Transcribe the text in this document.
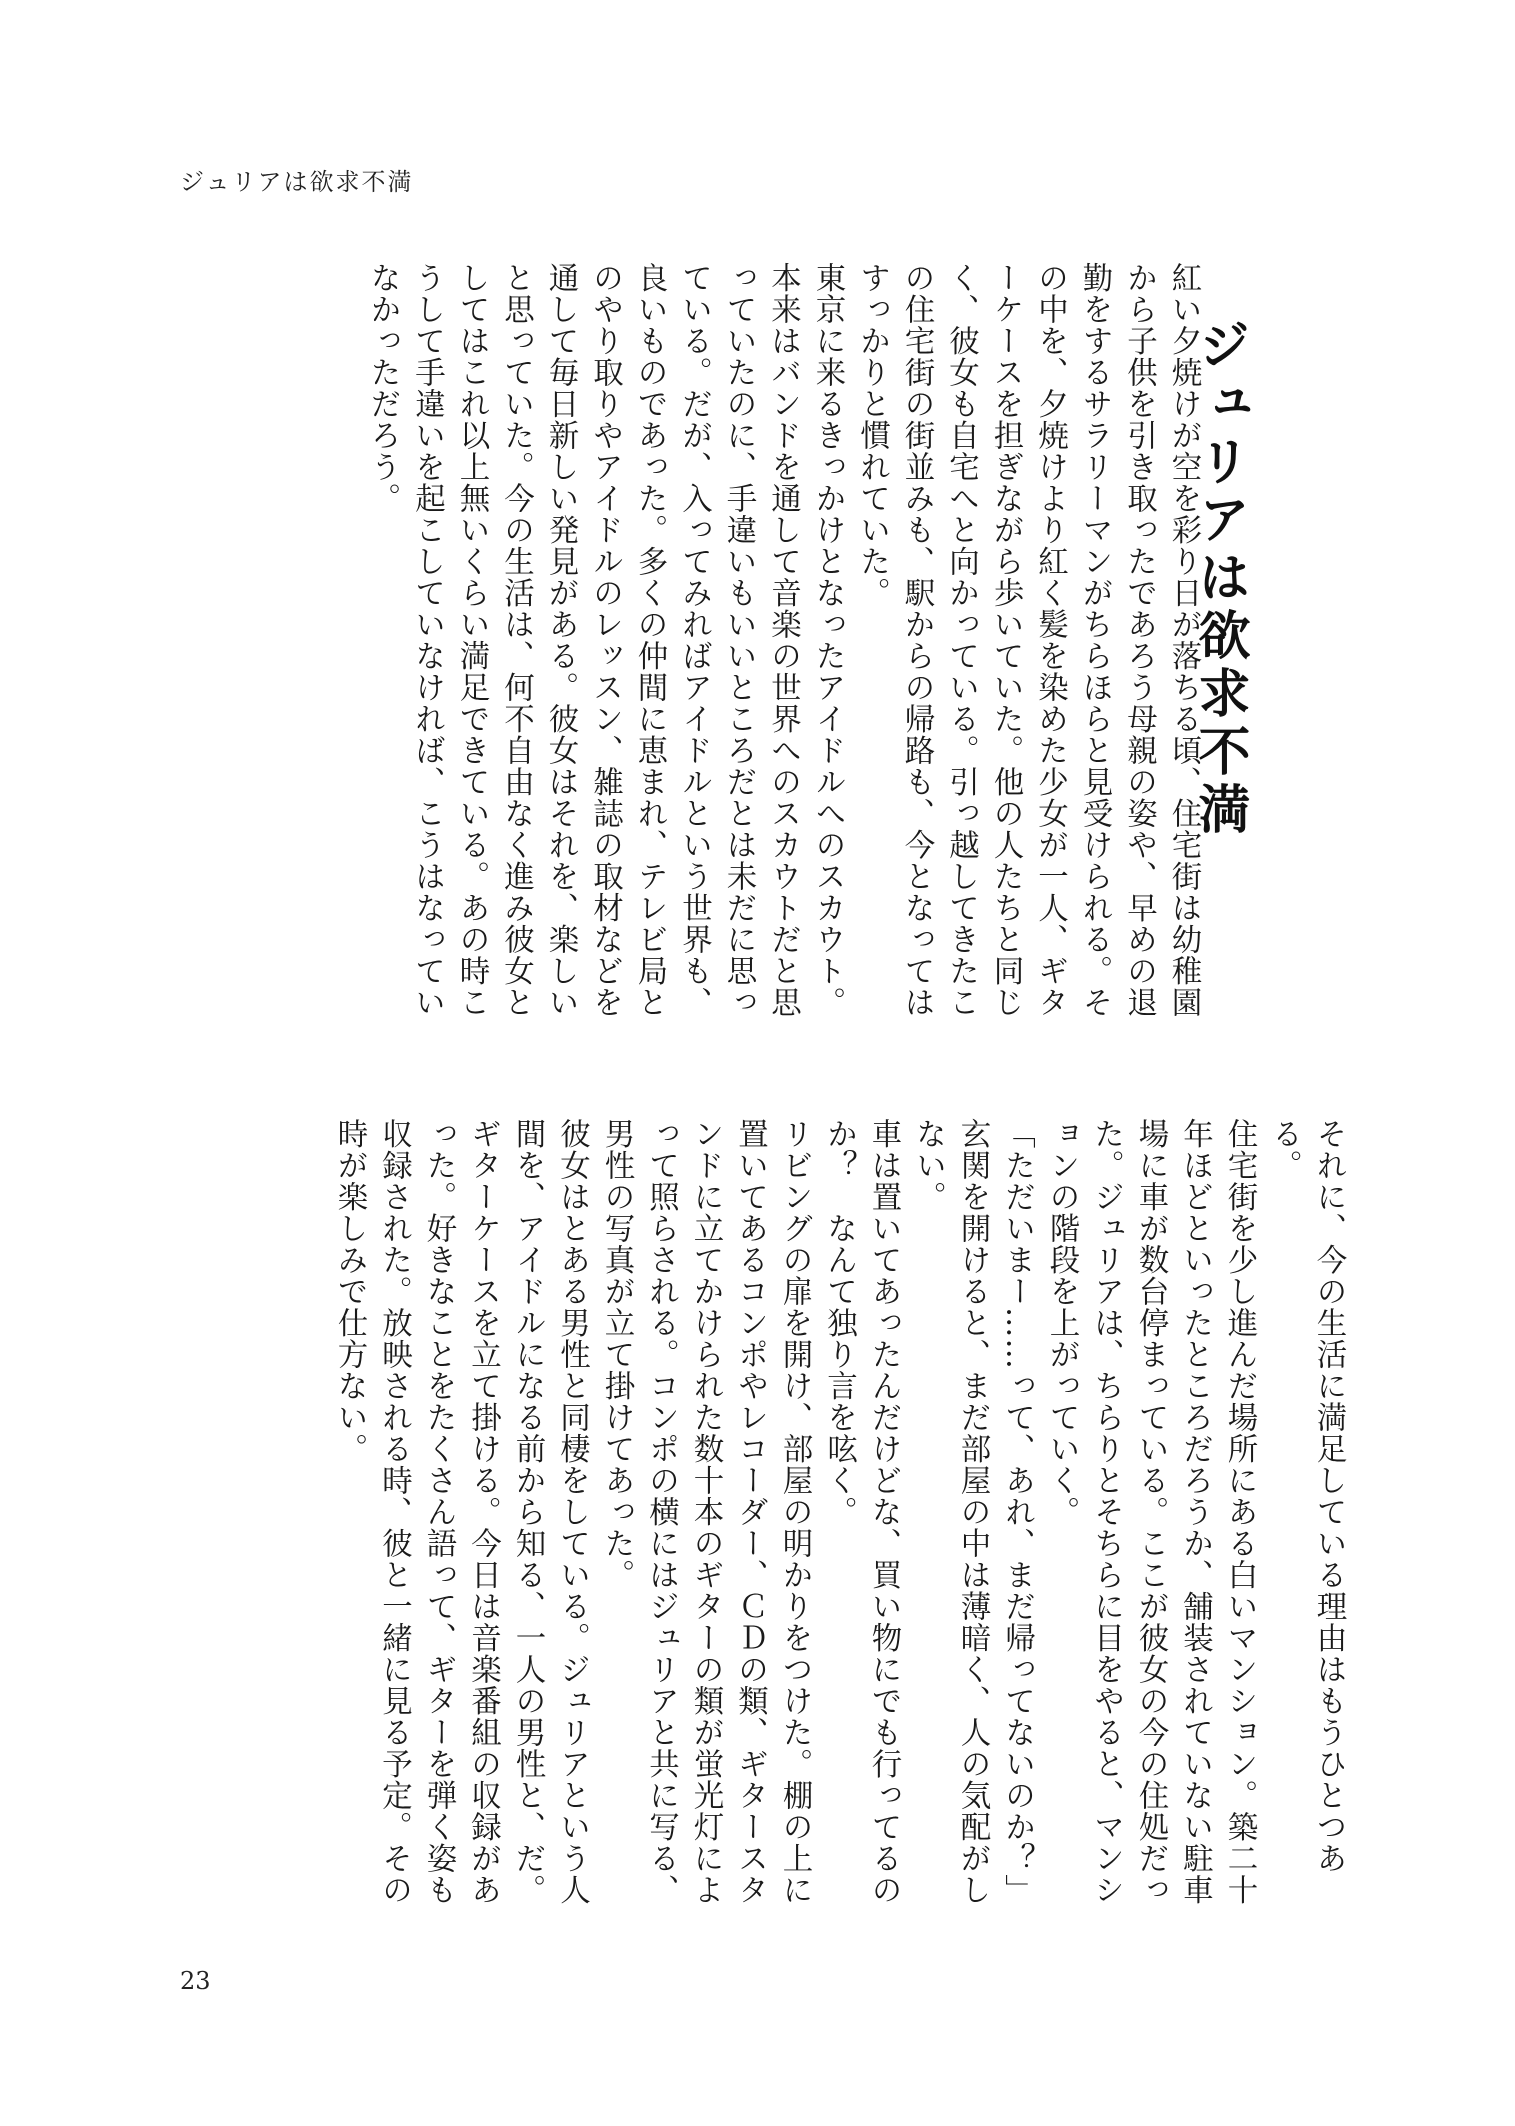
ジュリアは欲求不満
ジュリアは欲求不満

紅い夕焼けが空を彩り日が落ちる頃、住宅街は幼稚園から子供を引き取ったであろう母親の姿や、早めの退勤をするサラリーマンがちらほらと見受けられる。その中を、夕焼けより紅く髪を染めた少女が一人、ギターケースを担ぎながら歩いていた。他の人たちと同じく、彼女も自宅へと向かっている。引っ越してきたこの住宅街の街並みも、駅からの帰路も、今となってはすっかりと慣れていた。

東京に来るきっかけとなったアイドルへのスカウト。本来はバンドを通して音楽の世界へのスカウトだと思っていたのに、手違いもいいところだとは未だに思っている。だが、入ってみればアイドルという世界も、良いものであった。多くの仲間に恵まれ、テレビ局とのやり取りやアイドルのレッスン、雑誌の取材などを通して毎日新しい発見がある。彼女はそれを、楽しいと思っていた。今の生活は、何不自由なく進み彼女としてはこれ以上無いくらい満足できている。あの時こうして手違いを起こしていなければ、こうはなっていなかっただろう。

それに、今の生活に満足している理由はもうひとつある。

住宅街を少し進んだ場所にある白いマンション。築二十年ほどといったところだろうか、舗装されていない駐車場に車が数台停まっている。ここが彼女の今の住処だった。ジュリアは、ちらりとそちらに目をやると、マンションの階段を上がっていく。

「ただいまー……って、あれ、まだ帰ってないのか？」

玄関を開けると、まだ部屋の中は薄暗く、人の気配がしない。

車は置いてあったんだけどな、買い物にでも行ってるのか？　なんて独り言を呟く。

リビングの扉を開け、部屋の明かりをつけた。棚の上に置いてあるコンポやレコーダー、ＣＤの類、ギタースタンドに立てかけられた数十本のギターの類が蛍光灯によって照らされる。コンポの横にはジュリアと共に写る、男性の写真が立て掛けてあった。

彼女はとある男性と同棲をしている。ジュリアという人間を、アイドルになる前から知る、一人の男性と、だ。

ギターケースを立て掛ける。今日は音楽番組の収録があった。好きなことをたくさん語って、ギターを弾く姿も収録された。放映される時、彼と一緒に見る予定。その時が楽しみで仕方ない。

23
